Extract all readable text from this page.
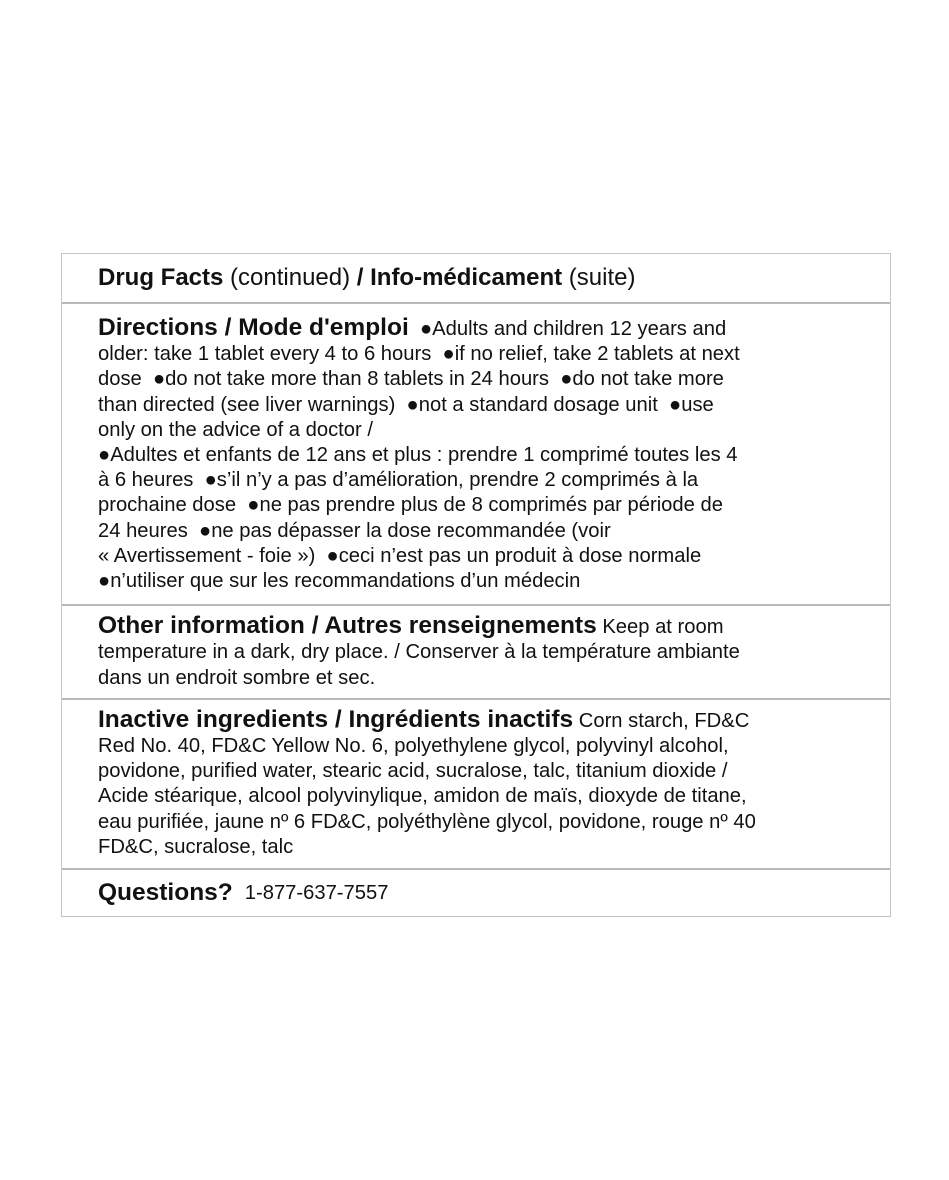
Drug Facts (continued) / Info-médicament (suite)
Directions / Mode d'emploi  ●Adults and children 12 years and
older: take 1 tablet every 4 to 6 hours  ●if no relief, take 2 tablets at next
dose  ●do not take more than 8 tablets in 24 hours  ●do not take more
than directed (see liver warnings)  ●not a standard dosage unit  ●use
only on the advice of a doctor /
●Adultes et enfants de 12 ans et plus : prendre 1 comprimé toutes les 4
à 6 heures  ●s’il n’y a pas d’amélioration, prendre 2 comprimés à la
prochaine dose  ●ne pas prendre plus de 8 comprimés par période de
24 heures  ●ne pas dépasser la dose recommandée (voir
« Avertissement - foie »)  ●ceci n’est pas un produit à dose normale
●n’utiliser que sur les recommandations d’un médecin
Other information / Autres renseignements Keep at room
temperature in a dark, dry place. / Conserver à la température ambiante
dans un endroit sombre et sec.
Inactive ingredients / Ingrédients inactifs Corn starch, FD&C
Red No. 40, FD&C Yellow No. 6, polyethylene glycol, polyvinyl alcohol,
povidone, purified water, stearic acid, sucralose, talc, titanium dioxide /
Acide stéarique, alcool polyvinylique, amidon de maïs, dioxyde de titane,
eau purifiée, jaune nº 6 FD&C, polyéthylène glycol, povidone, rouge nº 40
FD&C, sucralose, talc
Questions? 1-877-637-7557
